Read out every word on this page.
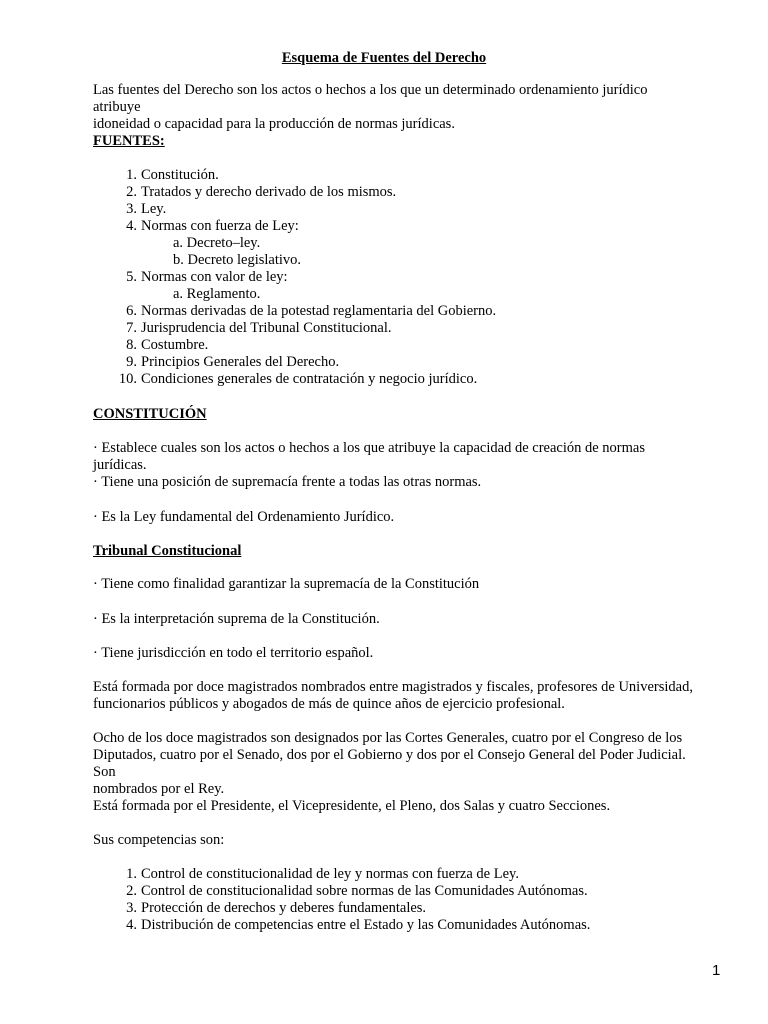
Esquema de Fuentes del Derecho

Las fuentes del Derecho son los actos o hechos a los que un determinado ordenamiento jurídico atribuye

idoneidad o capacidad para la producción de normas jurídicas.

FUENTES:
1. Constitución.
2. Tratados y derecho derivado de los mismos.
3. Ley.
4. Normas con fuerza de Ley:
a. Decreto–ley.
b. Decreto legislativo.
5. Normas con valor de ley:
a. Reglamento.
6. Normas derivadas de la potestad reglamentaria del Gobierno.
7. Jurisprudencia del Tribunal Constitucional.
8. Costumbre.
9. Principios Generales del Derecho.
10. Condiciones generales de contratación y negocio jurídico.
CONSTITUCIÓN
· Establece cuales son los actos o hechos a los que atribuye la capacidad de creación de normas jurídicas.
· Tiene una posición de supremacía frente a todas las otras normas.
· Es la Ley fundamental del Ordenamiento Jurídico.
Tribunal Constitucional
· Tiene como finalidad garantizar la supremacía de la Constitución
· Es la interpretación suprema de la Constitución.
· Tiene jurisdicción en todo el territorio español.

Está formada por doce magistrados nombrados entre magistrados y fiscales, profesores de Universidad,

funcionarios públicos y abogados de más de quince años de ejercicio profesional.

Ocho de los doce magistrados son designados por las Cortes Generales, cuatro por el Congreso de los

Diputados, cuatro por el Senado, dos por el Gobierno y dos por el Consejo General del Poder Judicial. Son

nombrados por el Rey.

Está formada por el Presidente, el Vicepresidente, el Pleno, dos Salas y cuatro Secciones.
Sus competencias son:
1. Control de constitucionalidad de ley y normas con fuerza de Ley.
2. Control de constitucionalidad sobre normas de las Comunidades Autónomas.
3. Protección de derechos y deberes fundamentales.
4. Distribución de competencias entre el Estado y las Comunidades Autónomas.
1
